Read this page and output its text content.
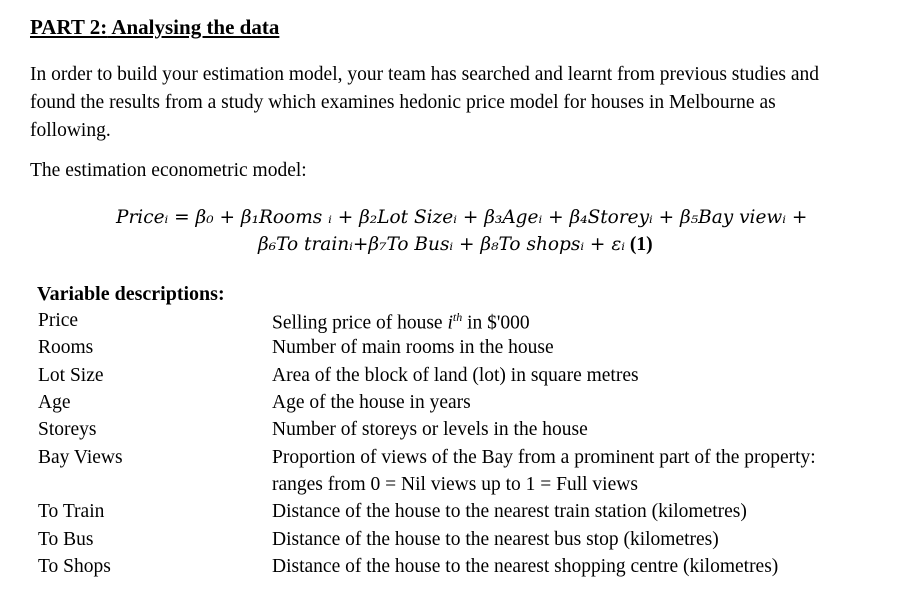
PART 2: Analysing the data
In order to build your estimation model, your team has searched and learnt from previous studies and
found the results from a study which examines hedonic price model for houses in Melbourne as
following.
The estimation econometric model:
Priceᵢ = β₀ + β₁Rooms ᵢ + β₂Lot Sizeᵢ + β₃Ageᵢ + β₄Storeyᵢ + β₅Bay viewᵢ +
β₆To trainᵢ+β₇To Busᵢ + β₈To shopsᵢ + εᵢ (1)
Variable descriptions:
Price	Selling price of house $i^{th}$ in $'000
Rooms	Number of main rooms in the house
Lot Size	Area of the block of land (lot) in square metres
Age	Age of the house in years
Storeys	Number of storeys or levels in the house
Bay Views	Proportion of views of the Bay from a prominent part of the property:
ranges from 0 = Nil views up to 1 = Full views
To Train	Distance of the house to the nearest train station (kilometres)
To Bus	Distance of the house to the nearest bus stop (kilometres)
To Shops	Distance of the house to the nearest shopping centre (kilometres)
